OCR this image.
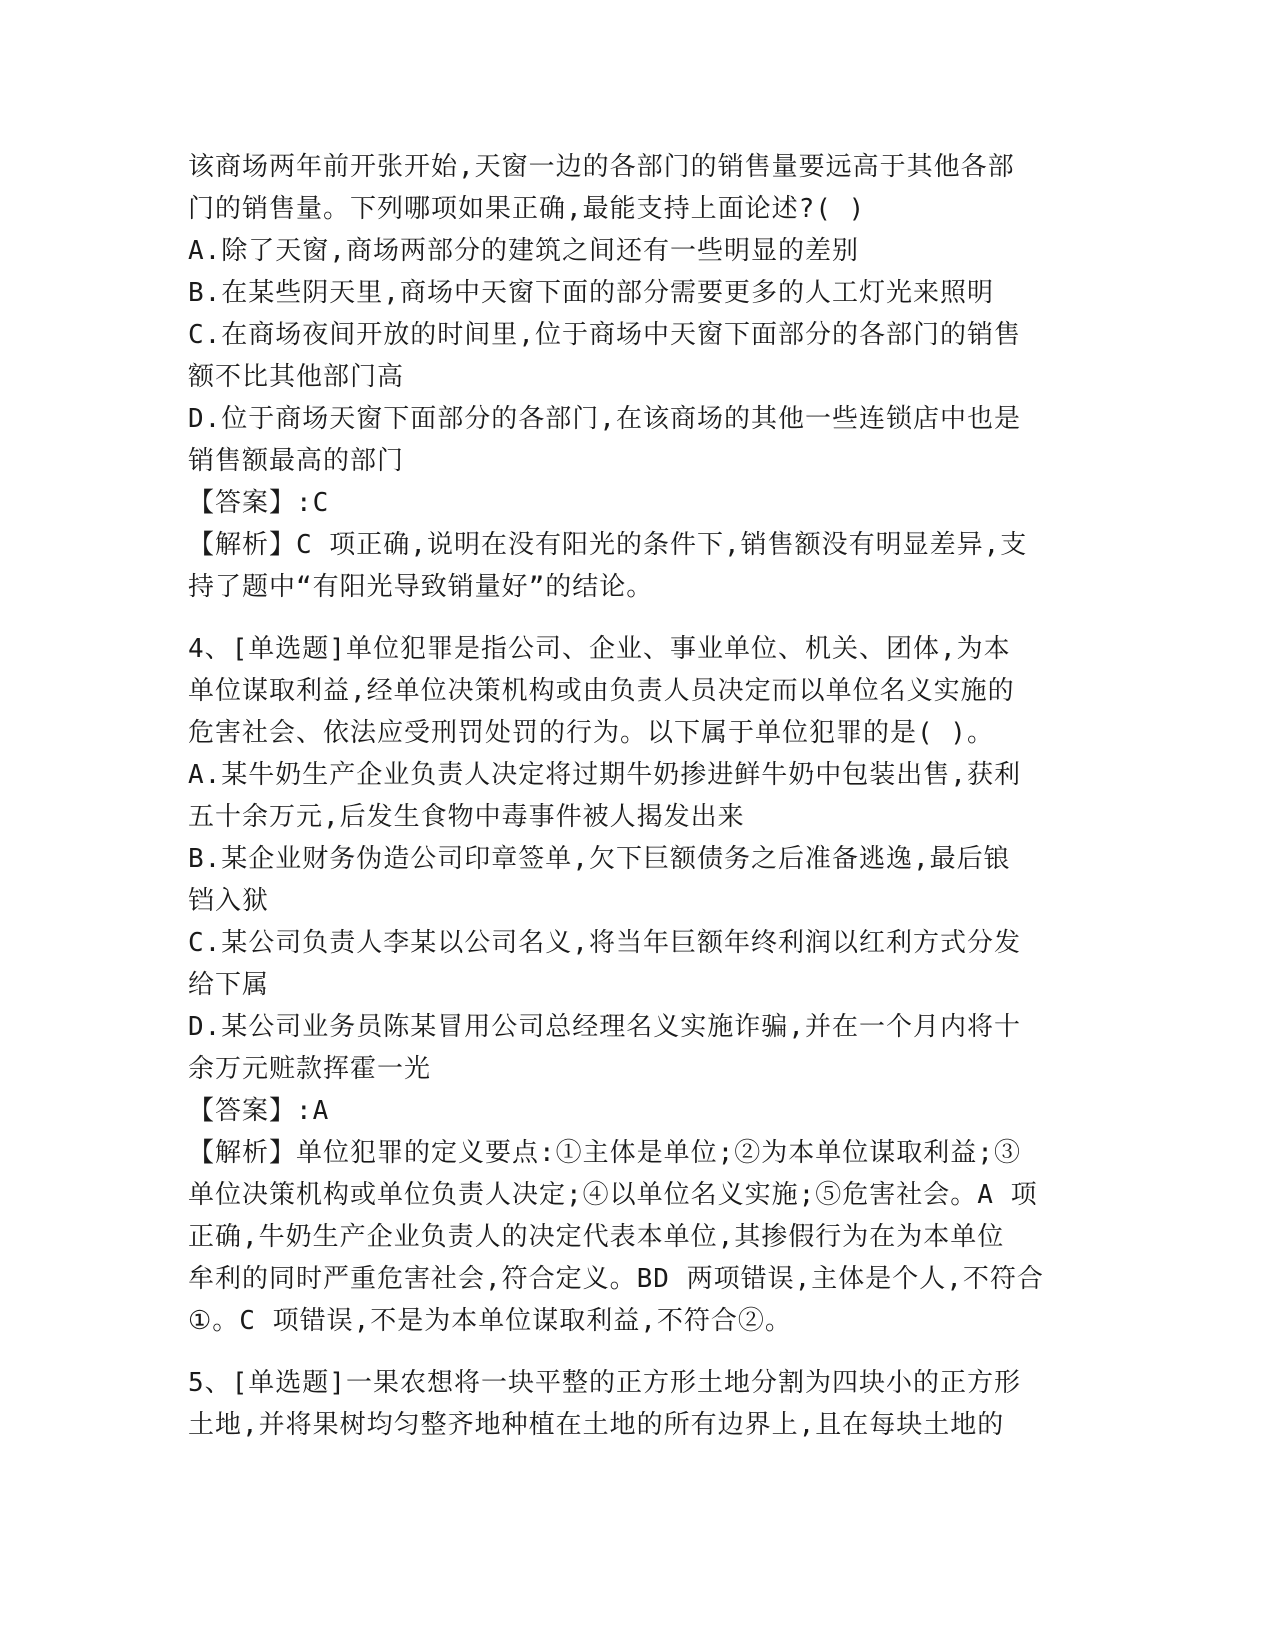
该商场两年前开张开始,天窗一边的各部门的销售量要远高于其他各部
门的销售量。下列哪项如果正确,最能支持上面论述?( )
A.除了天窗,商场两部分的建筑之间还有一些明显的差别
B.在某些阴天里,商场中天窗下面的部分需要更多的人工灯光来照明
C.在商场夜间开放的时间里,位于商场中天窗下面部分的各部门的销售
额不比其他部门高
D.位于商场天窗下面部分的各部门,在该商场的其他一些连锁店中也是
销售额最高的部门
【答案】:C
【解析】C 项正确,说明在没有阳光的条件下,销售额没有明显差异,支
持了题中“有阳光导致销量好”的结论。
4、[单选题]单位犯罪是指公司、企业、事业单位、机关、团体,为本
单位谋取利益,经单位决策机构或由负责人员决定而以单位名义实施的
危害社会、依法应受刑罚处罚的行为。以下属于单位犯罪的是( )。
A.某牛奶生产企业负责人决定将过期牛奶掺进鲜牛奶中包装出售,获利
五十余万元,后发生食物中毒事件被人揭发出来
B.某企业财务伪造公司印章签单,欠下巨额债务之后准备逃逸,最后锒
铛入狱
C.某公司负责人李某以公司名义,将当年巨额年终利润以红利方式分发
给下属
D.某公司业务员陈某冒用公司总经理名义实施诈骗,并在一个月内将十
余万元赃款挥霍一光
【答案】:A
【解析】单位犯罪的定义要点:①主体是单位;②为本单位谋取利益;③
单位决策机构或单位负责人决定;④以单位名义实施;⑤危害社会。A 项
正确,牛奶生产企业负责人的决定代表本单位,其掺假行为在为本单位
牟利的同时严重危害社会,符合定义。BD 两项错误,主体是个人,不符合
①。C 项错误,不是为本单位谋取利益,不符合②。
5、[单选题]一果农想将一块平整的正方形土地分割为四块小的正方形
土地,并将果树均匀整齐地种植在土地的所有边界上,且在每块土地的
